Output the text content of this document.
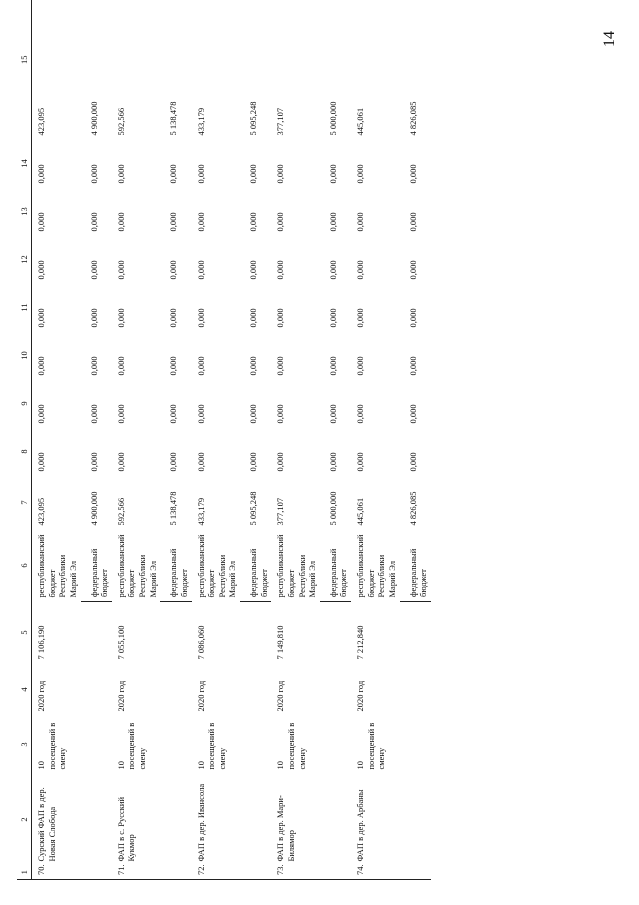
14
1	2	3	4	5	6	7	8	9	10	11	12	13	14	15
70.	Сурский ФАП в дер. Новая Слобода	10 посещений в смену	2020 год	7 106,190	республиканский бюджет Республики Марий Эл	423,095	0,000	0,000	0,000	0,000	0,000	0,000	0,000	423,095
					федеральный бюджет	4 900,000	0,000	0,000	0,000	0,000	0,000	0,000	0,000	4 900,000
71.	ФАП в с. Русский Кукмор	10 посещений в смену	2020 год	7 055,100	республиканский бюджет Республики Марий Эл	592,566	0,000	0,000	0,000	0,000	0,000	0,000	0,000	592,566
					федеральный бюджет	5 138,478	0,000	0,000	0,000	0,000	0,000	0,000	0,000	5 138,478
72.	ФАП в дер. Ивансола	10 посещений в смену	2020 год	7 086,060	республиканский бюджет Республики Марий Эл	433,179	0,000	0,000	0,000	0,000	0,000	0,000	0,000	433,179
					федеральный бюджет	5 095,248	0,000	0,000	0,000	0,000	0,000	0,000	0,000	5 095,248
73.	ФАП в дер. Мари-Билямор	10 посещений в смену	2020 год	7 149,810	республиканский бюджет Республики Марий Эл	377,107	0,000	0,000	0,000	0,000	0,000	0,000	0,000	377,107
					федеральный бюджет	5 000,000	0,000	0,000	0,000	0,000	0,000	0,000	0,000	5 000,000
74.	ФАП в дер. Арбаны	10 посещений в смену	2020 год	7 212,840	республиканский бюджет Республики Марий Эл	445,061	0,000	0,000	0,000	0,000	0,000	0,000	0,000	445,061
					федеральный бюджет	4 826,085	0,000	0,000	0,000	0,000	0,000	0,000	0,000	4 826,085
